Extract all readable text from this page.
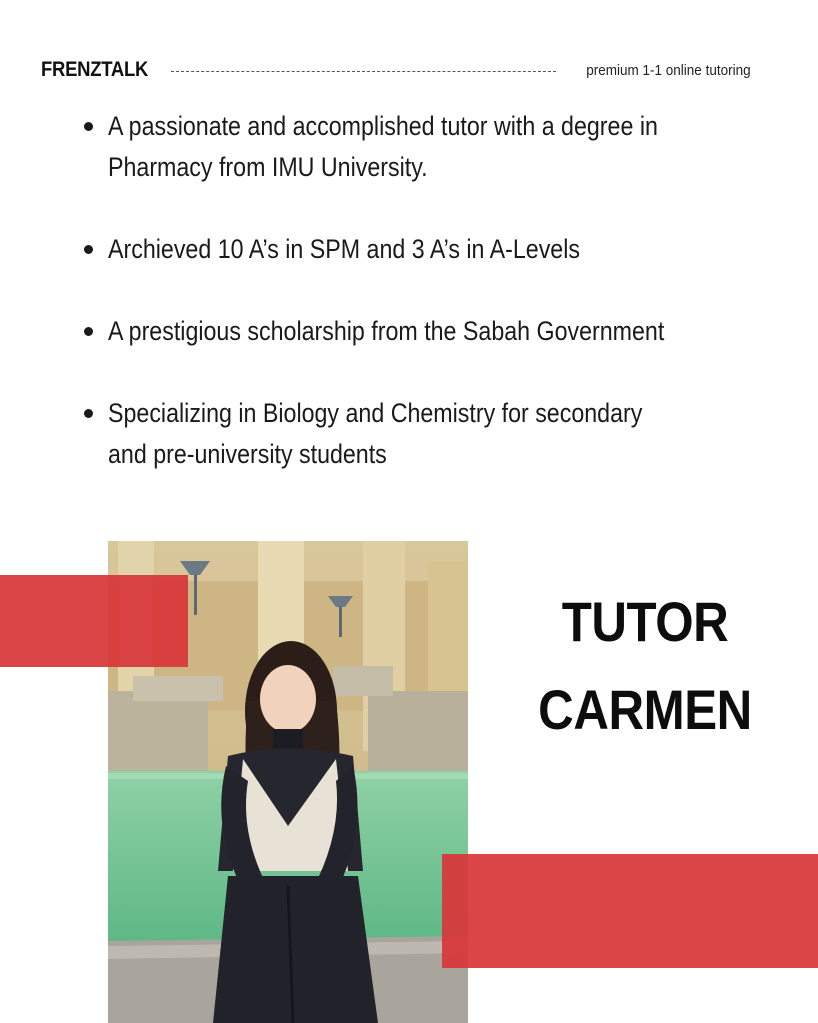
FRENZTALK	premium 1-1 online tutoring
A passionate and accomplished tutor with a degree in
Pharmacy from IMU University.
Archieved 10 A’s in SPM and 3 A’s in A-Levels
A prestigious scholarship from the Sabah Government
Specializing in Biology and Chemistry for secondary
and pre-university students
TUTOR
CARMEN
